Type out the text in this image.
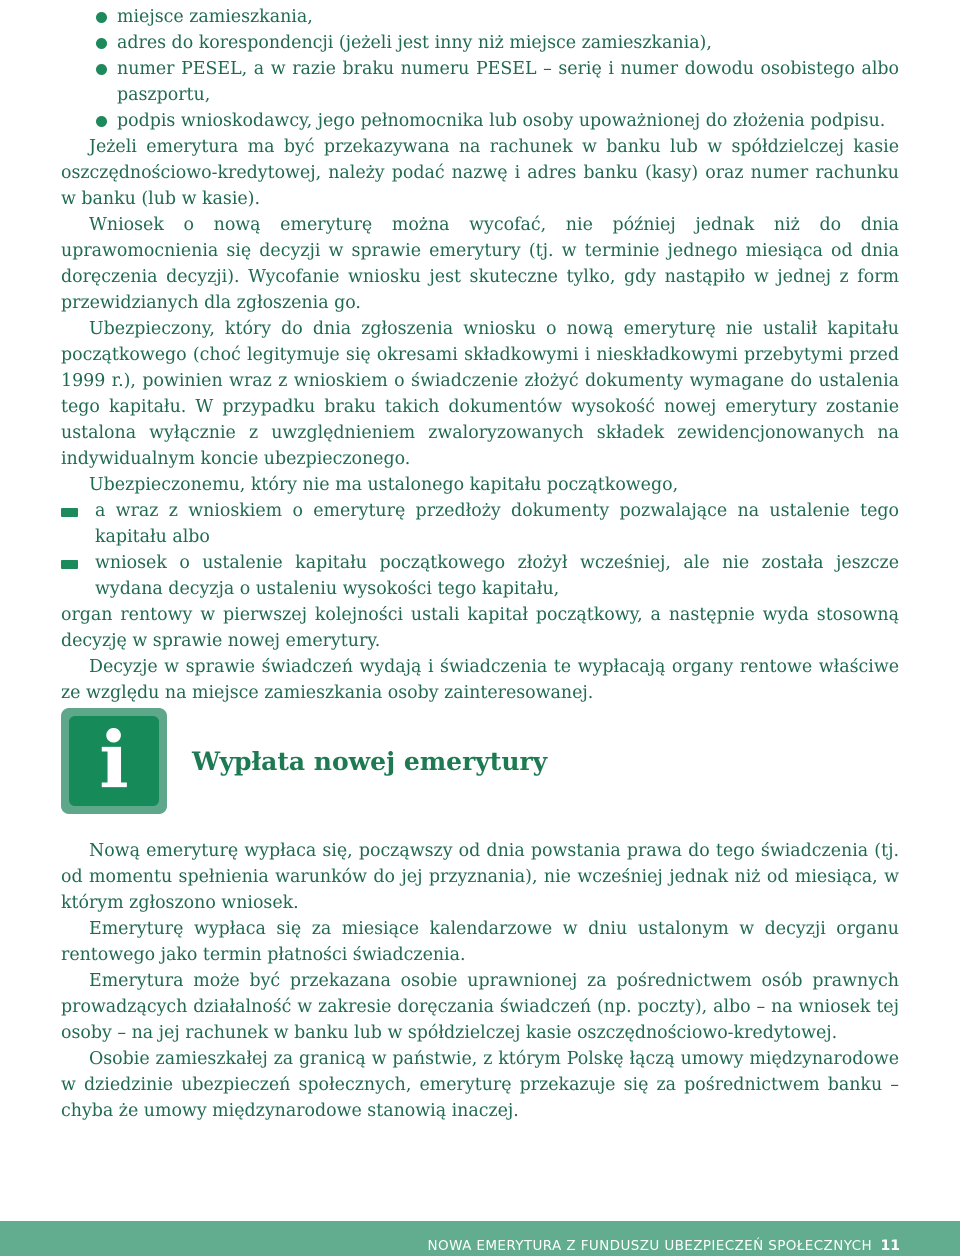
miejsce zamieszkania,
adres do korespondencji (jeżeli jest inny niż miejsce zamieszkania),
numer PESEL, a w razie braku numeru PESEL – serię i numer dowodu osobistego albo paszportu,
podpis wnioskodawcy, jego pełnomocnika lub osoby upoważnionej do złożenia podpisu.

Jeżeli emerytura ma być przekazywana na rachunek w banku lub w spółdzielczej kasie oszczędnościowo-kredytowej, należy podać nazwę i adres banku (kasy) oraz numer rachunku w banku (lub w kasie).

Wniosek o nową emeryturę można wycofać, nie później jednak niż do dnia uprawomocnienia się decyzji w sprawie emerytury (tj. w terminie jednego miesiąca od dnia doręczenia decyzji). Wycofanie wniosku jest skuteczne tylko, gdy nastąpiło w jednej z form przewidzianych dla zgłoszenia go.

Ubezpieczony, który do dnia zgłoszenia wniosku o nową emeryturę nie ustalił kapitału początkowego (choć legitymuje się okresami składkowymi i nieskładkowymi przebytymi przed 1999 r.), powinien wraz z wnioskiem o świadczenie złożyć dokumenty wymagane do ustalenia tego kapitału. W przypadku braku takich dokumentów wysokość nowej emerytury zostanie ustalona wyłącznie z uwzględnieniem zwaloryzowanych składek zewidencjonowanych na indywidualnym koncie ubezpieczonego.

Ubezpieczonemu, który nie ma ustalonego kapitału początkowego,

a wraz z wnioskiem o emeryturę przedłoży dokumenty pozwalające na ustalenie tego kapitału albo
wniosek o ustalenie kapitału początkowego złożył wcześniej, ale nie została jeszcze wydana decyzja o ustaleniu wysokości tego kapitału,

organ rentowy w pierwszej kolejności ustali kapitał początkowy, a następnie wyda stosowną decyzję w sprawie nowej emerytury.

Decyzje w sprawie świadczeń wydają i świadczenia te wypłacają organy rentowe właściwe ze względu na miejsce zamieszkania osoby zainteresowanej.

i	Wypłata nowej emerytury

Nową emeryturę wypłaca się, począwszy od dnia powstania prawa do tego świadczenia (tj. od momentu spełnienia warunków do jej przyznania), nie wcześniej jednak niż od miesiąca, w którym zgłoszono wniosek.

Emeryturę wypłaca się za miesiące kalendarzowe w dniu ustalonym w decyzji organu rentowego jako termin płatności świadczenia.

Emerytura może być przekazana osobie uprawnionej za pośrednictwem osób prawnych prowadzących działalność w zakresie doręczania świadczeń (np. poczty), albo – na wniosek tej osoby – na jej rachunek w banku lub w spółdzielczej kasie oszczędnościowo-kredytowej.

Osobie zamieszkałej za granicą w państwie, z którym Polskę łączą umowy międzynarodowe w dziedzinie ubezpieczeń społecznych, emeryturę przekazuje się za pośrednictwem banku – chyba że umowy międzynarodowe stanowią inaczej.

NOWA EMERYTURA Z FUNDUSZU UBEZPIECZEŃ SPOŁECZNYCH 11
